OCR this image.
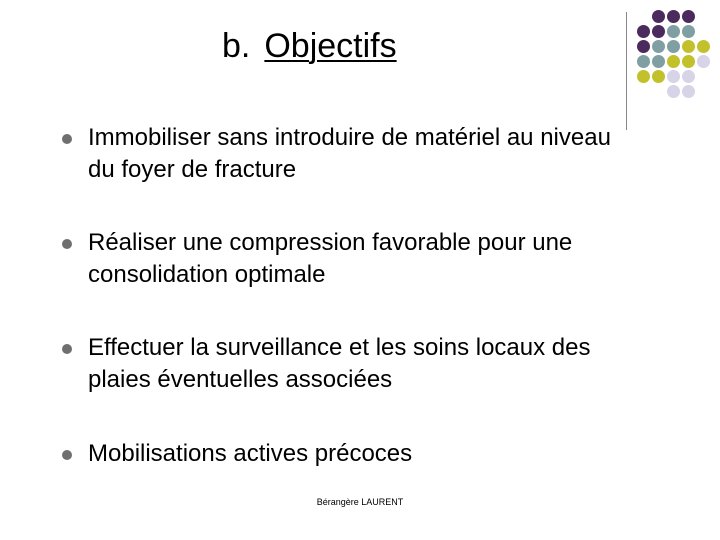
b. Objectifs
Immobiliser sans introduire de matériel au niveau
du foyer de fracture
Réaliser une compression favorable pour une
consolidation optimale
Effectuer la surveillance et les soins locaux des
plaies éventuelles associées
Mobilisations actives précoces
Bérangère LAURENT
